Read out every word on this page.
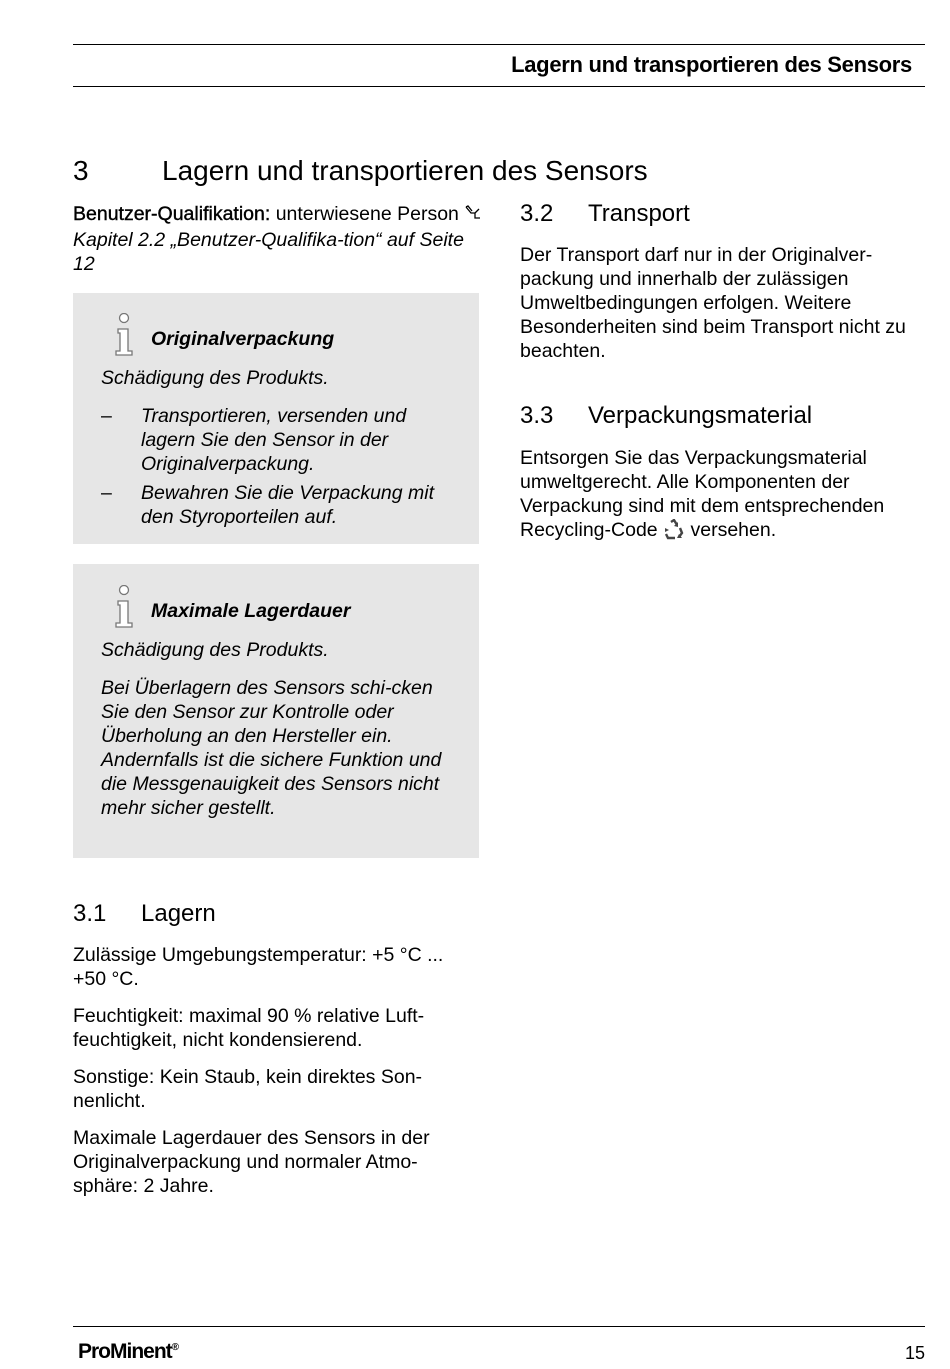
Lagern und transportieren des Sensors
3	Lagern und transportieren des Sensors
Benutzer-Qualifikation: unterwiesene Person  Kapitel 2.2 „Benutzer-Qualifika-tion“ auf Seite 12
Originalverpackung

Schädigung des Produkts.

– Transportieren, versenden und lagern Sie den Sensor in der Originalverpackung.
– Bewahren Sie die Verpackung mit den Styroporteilen auf.
Maximale Lagerdauer

Schädigung des Produkts.

Bei Überlagern des Sensors schi-cken Sie den Sensor zur Kontrolle oder Überholung an den Hersteller ein. Andernfalls ist die sichere Funktion und die Messgenauigkeit des Sensors nicht mehr sicher gestellt.

3.1 Lagern

Zulässige Umgebungstemperatur: +5 °C ... +50 °C.

Feuchtigkeit: maximal 90 % relative Luft-feuchtigkeit, nicht kondensierend.

Sonstige: Kein Staub, kein direktes Son-nenlicht.

Maximale Lagerdauer des Sensors in der Originalverpackung und normaler Atmo-sphäre: 2 Jahre.

3.2 Transport
Der Transport darf nur in der Originalver-packung und innerhalb der zulässigen Umweltbedingungen erfolgen. Weitere Besonderheiten sind beim Transport nicht zu beachten.
3.3 Verpackungsmaterial
Entsorgen Sie das Verpackungsmaterial umweltgerecht. Alle Komponenten der Verpackung sind mit dem entsprechenden Recycling-Code  versehen.
ProMinent®	15
